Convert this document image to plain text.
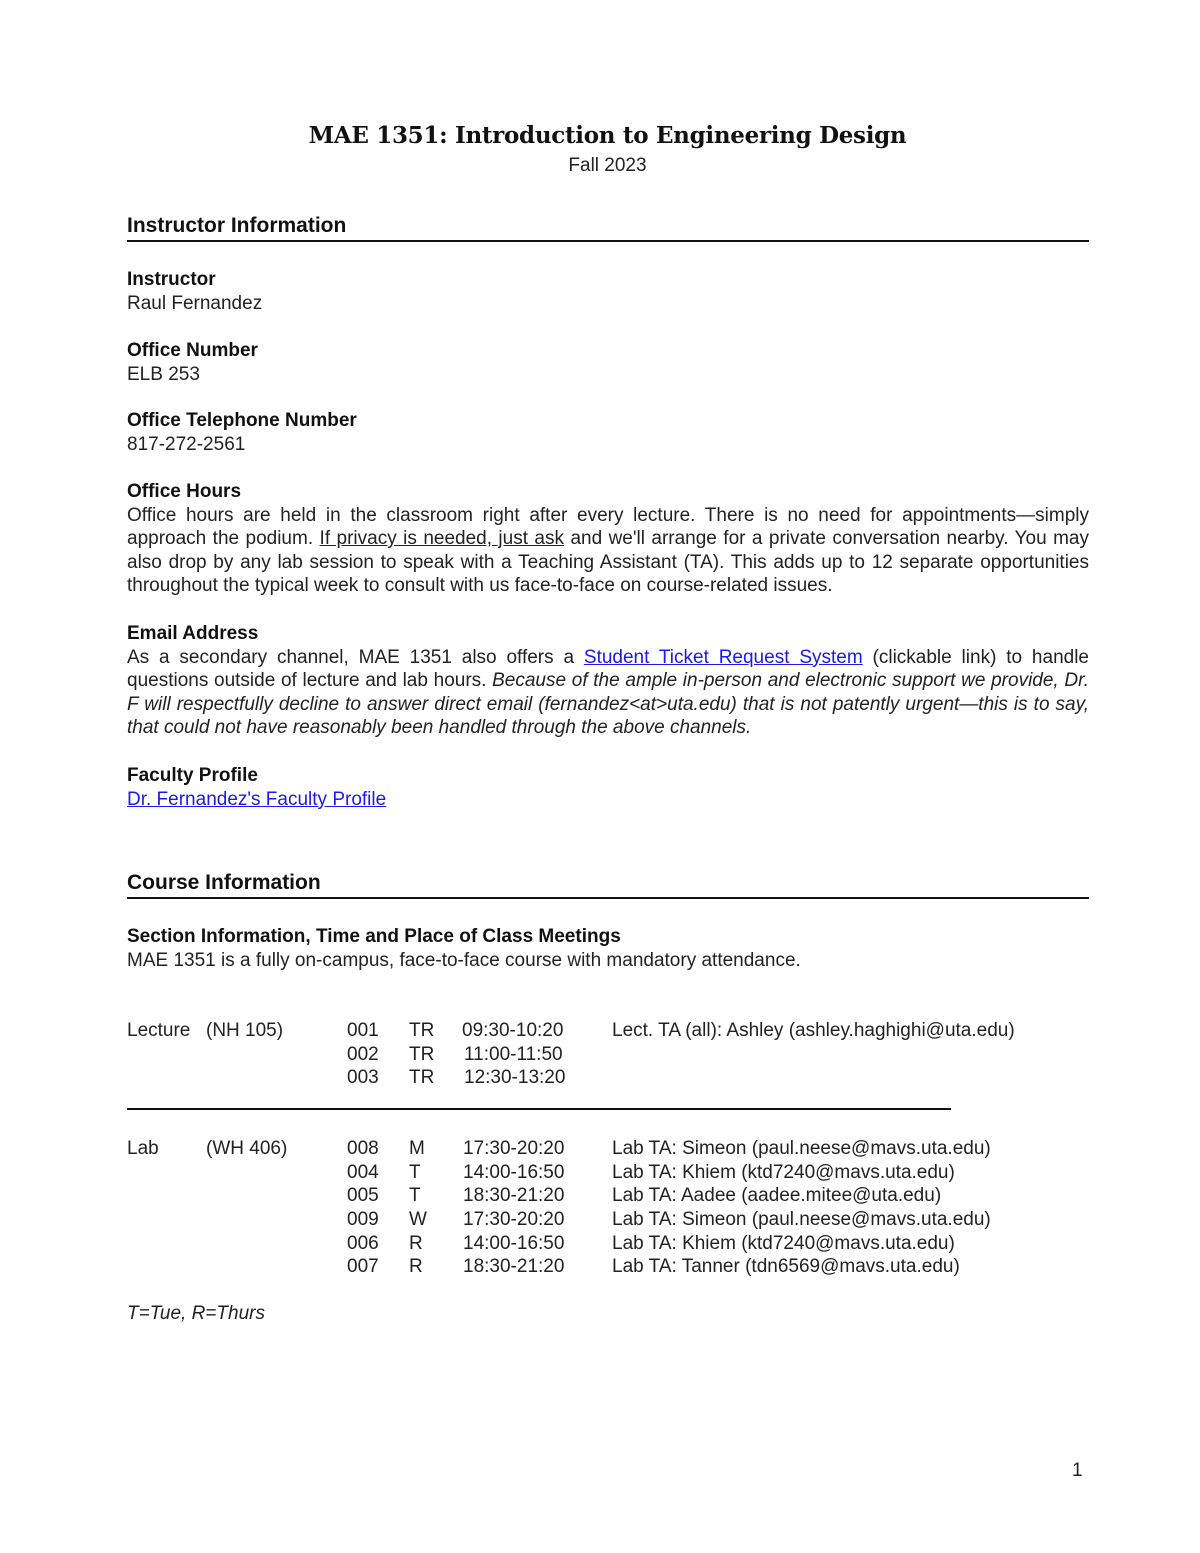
MAE 1351: Introduction to Engineering Design
Fall 2023
Instructor Information
Instructor
Raul Fernandez
Office Number
ELB 253
Office Telephone Number
817-272-2561
Office Hours
Office hours are held in the classroom right after every lecture. There is no need for appointments—simply approach the podium. If privacy is needed, just ask and we'll arrange for a private conversation nearby. You may also drop by any lab session to speak with a Teaching Assistant (TA). This adds up to 12 separate opportunities throughout the typical week to consult with us face-to-face on course-related issues.
Email Address
As a secondary channel, MAE 1351 also offers a Student Ticket Request System (clickable link) to handle questions outside of lecture and lab hours. Because of the ample in-person and electronic support we provide, Dr. F will respectfully decline to answer direct email (fernandez<at>uta.edu) that is not patently urgent—this is to say, that could not have reasonably been handled through the above channels.
Faculty Profile
Dr. Fernandez's Faculty Profile
Course Information
Section Information, Time and Place of Class Meetings
MAE 1351 is a fully on-campus, face-to-face course with mandatory attendance.
Lecture (NH 105)	001 TR 09:30-10:20	Lect. TA (all): Ashley (ashley.haghighi@uta.edu)
002 TR 11:00-11:50
003 TR 12:30-13:20
Lab (WH 406)	008 M 17:30-20:20	Lab TA: Simeon (paul.neese@mavs.uta.edu)
004 T 14:00-16:50	Lab TA: Khiem (ktd7240@mavs.uta.edu)
005 T 18:30-21:20	Lab TA: Aadee (aadee.mitee@uta.edu)
009 W 17:30-20:20	Lab TA: Simeon (paul.neese@mavs.uta.edu)
006 R 14:00-16:50	Lab TA: Khiem (ktd7240@mavs.uta.edu)
007 R 18:30-21:20	Lab TA: Tanner (tdn6569@mavs.uta.edu)
T=Tue, R=Thurs
1
